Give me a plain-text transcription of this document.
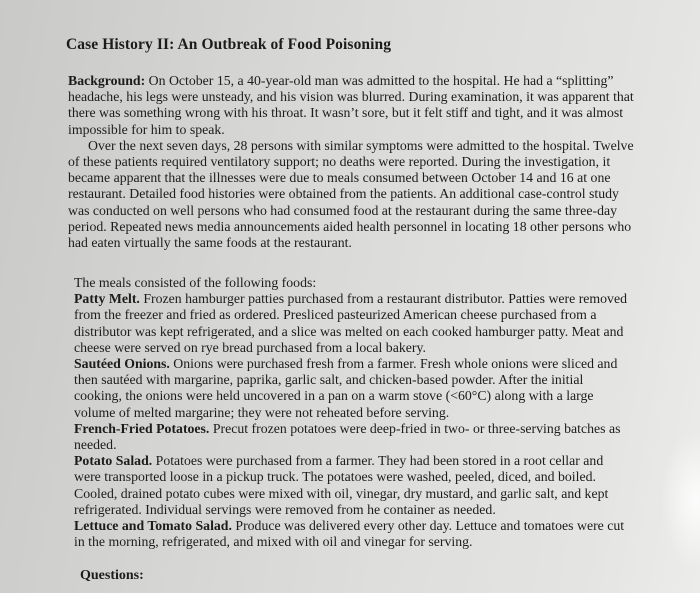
Case History II: An Outbreak of Food Poisoning

Background: On October 15, a 40-year-old man was admitted to the hospital. He had a “splitting” headache, his legs were unsteady, and his vision was blurred. During examination, it was apparent that there was something wrong with his throat. It wasn’t sore, but it felt stiff and tight, and it was almost impossible for him to speak.

Over the next seven days, 28 persons with similar symptoms were admitted to the hospital. Twelve of these patients required ventilatory support; no deaths were reported. During the investigation, it became apparent that the illnesses were due to meals consumed between October 14 and 16 at one restaurant. Detailed food histories were obtained from the patients. An additional case-control study was conducted on well persons who had consumed food at the restaurant during the same three-day period. Repeated news media announcements aided health personnel in locating 18 other persons who had eaten virtually the same foods at the restaurant.

The meals consisted of the following foods:

Patty Melt. Frozen hamburger patties purchased from a restaurant distributor. Patties were removed from the freezer and fried as ordered. Presliced pasteurized American cheese purchased from a distributor was kept refrigerated, and a slice was melted on each cooked hamburger patty. Meat and cheese were served on rye bread purchased from a local bakery.

Sautéed Onions. Onions were purchased fresh from a farmer. Fresh whole onions were sliced and then sautéed with margarine, paprika, garlic salt, and chicken-based powder. After the initial cooking, the onions were held uncovered in a pan on a warm stove (<60°C) along with a large volume of melted margarine; they were not reheated before serving.

French-Fried Potatoes. Precut frozen potatoes were deep-fried in two- or three-serving batches as needed.

Potato Salad. Potatoes were purchased from a farmer. They had been stored in a root cellar and were transported loose in a pickup truck. The potatoes were washed, peeled, diced, and boiled. Cooled, drained potato cubes were mixed with oil, vinegar, dry mustard, and garlic salt, and kept refrigerated. Individual servings were removed from he container as needed.

Lettuce and Tomato Salad. Produce was delivered every other day. Lettuce and tomatoes were cut in the morning, refrigerated, and mixed with oil and vinegar for serving.

Questions:
